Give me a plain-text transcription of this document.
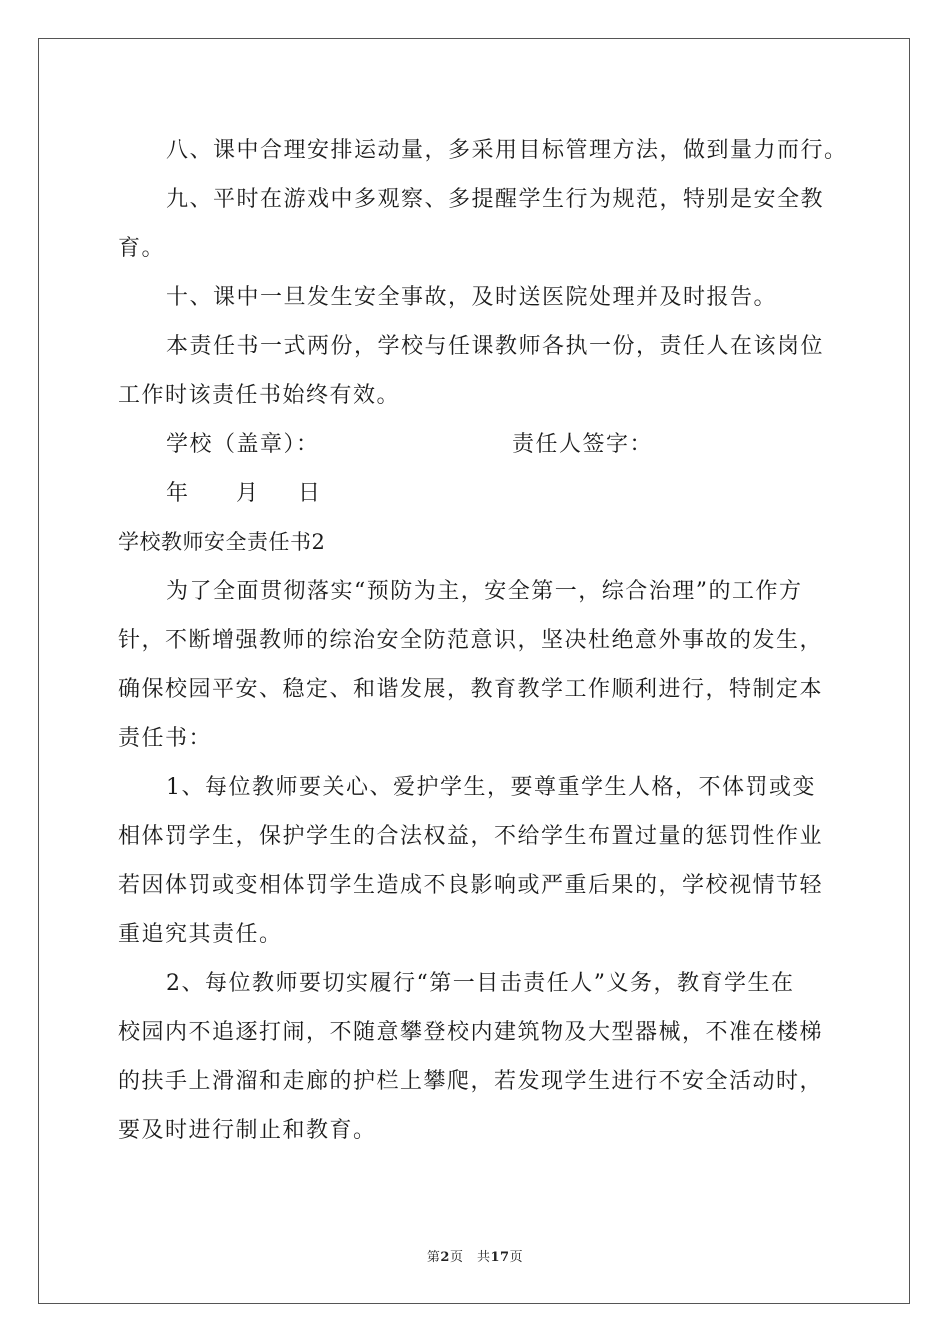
八、课中合理安排运动量，多采用目标管理方法，做到量力而行。
九、平时在游戏中多观察、多提醒学生行为规范，特别是安全教
育。
十、课中一旦发生安全事故，及时送医院处理并及时报告。
本责任书一式两份，学校与任课教师各执一份，责任人在该岗位
工作时该责任书始终有效。
学校（盖章）：	责任人签字：
年 月 日
学校教师安全责任书2
为了全面贯彻落实“预防为主，安全第一，综合治理”的工作方
针，不断增强教师的综治安全防范意识，坚决杜绝意外事故的发生，
确保校园平安、稳定、和谐发展，教育教学工作顺利进行，特制定本
责任书：
1、每位教师要关心、爱护学生，要尊重学生人格，不体罚或变
相体罚学生，保护学生的合法权益，不给学生布置过量的惩罚性作业
若因体罚或变相体罚学生造成不良影响或严重后果的，学校视情节轻
重追究其责任。
2、每位教师要切实履行“第一目击责任人”义务，教育学生在
校园内不追逐打闹，不随意攀登校内建筑物及大型器械，不准在楼梯
的扶手上滑溜和走廊的护栏上攀爬，若发现学生进行不安全活动时，
要及时进行制止和教育。
第2页　共17页
